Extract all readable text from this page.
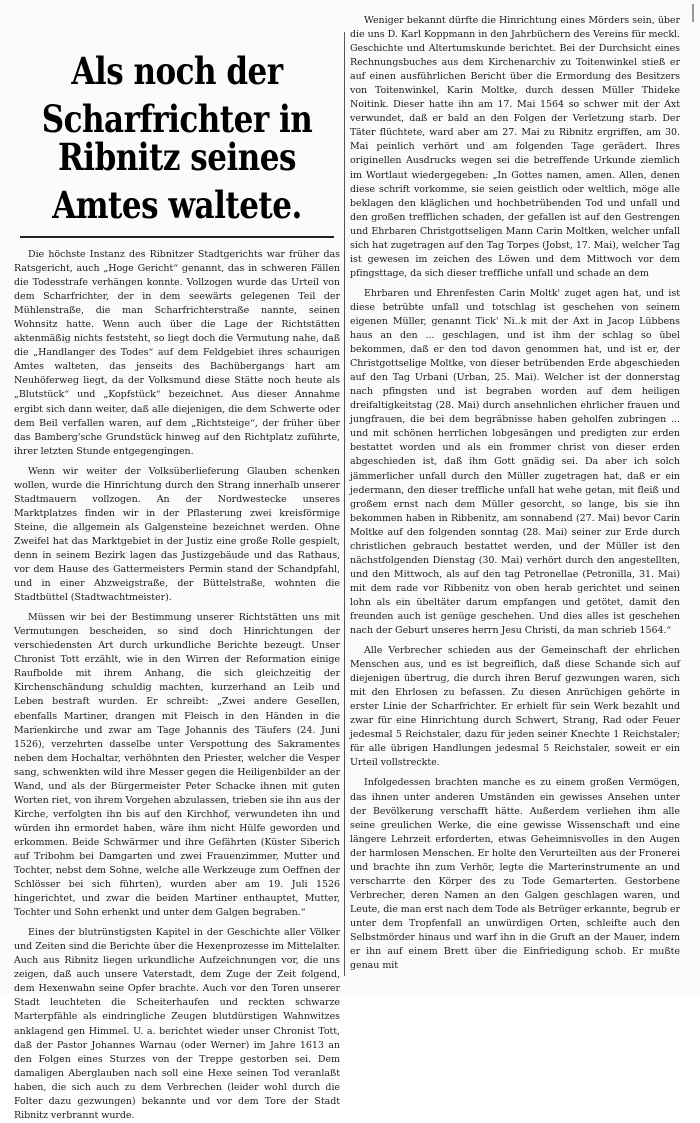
Als noch der Scharfrichter in
Ribnitz seines Amtes waltete.

Die höchste Instanz des Ribnitzer Stadtgerichts war früher das Ratsgericht, auch „Hoge Gericht“ genannt, das in schweren Fällen die Todesstrafe verhängen konnte. Vollzogen wurde das Urteil von dem Scharfrichter, der in dem seewärts gelegenen Teil der Mühlenstraße, die man Scharfrichterstraße nannte, seinen Wohnsitz hatte. Wenn auch über die Lage der Richtstätten aktenmäßig nichts feststeht, so liegt doch die Vermutung nahe, daß die „Handlanger des Todes“ auf dem Feldgebiet ihres schaurigen Amtes walteten, das jenseits des Bachübergangs hart am Neuhöferweg liegt, da der Volksmund diese Stätte noch heute als „Blutstück“ und „Kopfstück“ bezeichnet. Aus dieser Annahme ergibt sich dann weiter, daß alle diejenigen, die dem Schwerte oder dem Beil verfallen waren, auf dem „Richtsteige“, der früher über das Bamberg'sche Grundstück hinweg auf den Richtplatz zuführte, ihrer letzten Stunde entgegengingen.

Wenn wir weiter der Volksüberlieferung Glauben schenken wollen, wurde die Hinrichtung durch den Strang innerhalb unserer Stadtmauern vollzogen. An der Nordwestecke unseres Marktplatzes finden wir in der Pflasterung zwei kreisförmige Steine, die allgemein als Galgensteine bezeichnet werden. Ohne Zweifel hat das Marktgebiet in der Justiz eine große Rolle gespielt, denn in seinem Bezirk lagen das Justizgebäude und das Rathaus, vor dem Hause des Gattermeisters Permin stand der Schandpfahl, und in einer Abzweigstraße, der Büttelstraße, wohnten die Stadtbüttel (Stadtwachtmeister).

Müssen wir bei der Bestimmung unserer Richtstätten uns mit Vermutungen bescheiden, so sind doch Hinrichtungen der verschiedensten Art durch urkundliche Berichte bezeugt. Unser Chronist Tott erzählt, wie in den Wirren der Reformation einige Raufbolde mit ihrem Anhang, die sich gleichzeitig der Kirchenschändung schuldig machten, kurzerhand an Leib und Leben bestraft wurden. Er schreibt: „Zwei andere Gesellen, ebenfalls Martiner, drangen mit Fleisch in den Händen in die Marienkirche und zwar am Tage Johannis des Täufers (24. Juni 1526), verzehrten dasselbe unter Verspottung des Sakramentes neben dem Hochaltar, verhöhnten den Priester, welcher die Vesper sang, schwenkten wild ihre Messer gegen die Heiligenbilder an der Wand, und als der Bürgermeister Peter Schacke ihnen mit guten Worten riet, von ihrem Vorgehen abzulassen, trieben sie ihn aus der Kirche, verfolgten ihn bis auf den Kirchhof, verwundeten ihn und würden ihn ermordet haben, wäre ihm nicht Hülfe geworden und erkommen. Beide Schwärmer und ihre Gefährten (Küster Siberich auf Tribohm bei Damgarten und zwei Frauenzimmer, Mutter und Tochter, nebst dem Sohne, welche alle Werkzeuge zum Oeffnen der Schlösser bei sich führten), wurden aber am 19. Juli 1526 hingerichtet, und zwar die beiden Martiner enthauptet, Mutter, Tochter und Sohn erhenkt und unter dem Galgen begraben.“

Eines der blutrünstigsten Kapitel in der Geschichte aller Völker und Zeiten sind die Berichte über die Hexenprozesse im Mittelalter. Auch aus Ribnitz liegen urkundliche Aufzeichnungen vor, die uns zeigen, daß auch unsere Vaterstadt, dem Zuge der Zeit folgend, dem Hexenwahn seine Opfer brachte. Auch vor den Toren unserer Stadt leuchteten die Scheiterhaufen und reckten schwarze Marterpfähle als eindringliche Zeugen blutdürstigen Wahnwitzes anklagend gen Himmel. U. a. berichtet wieder unser Chronist Tott, daß der Pastor Johannes Warnau (oder Werner) im Jahre 1613 an den Folgen eines Sturzes von der Treppe gestorben sei. Dem damaligen Aberglauben nach soll eine Hexe seinen Tod veranlaßt haben, die sich auch zu dem Verbrechen (leider wohl durch die Folter dazu gezwungen) bekannte und vor dem Tore der Stadt Ribnitz verbrannt wurde.

Weniger bekannt dürfte die Hinrichtung eines Mörders sein, über die uns D. Karl Koppmann in den Jahrbüchern des Vereins für meckl. Geschichte und Altertumskunde berichtet. Bei der Durchsicht eines Rechnungsbuches aus dem Kirchenarchiv zu Toitenwinkel stieß er auf einen ausführlichen Bericht über die Ermordung des Besitzers von Toitenwinkel, Karin Moltke, durch dessen Müller Thideke Noitink. Dieser hatte ihn am 17. Mai 1564 so schwer mit der Axt verwundet, daß er bald an den Folgen der Verletzung starb. Der Täter flüchtete, ward aber am 27. Mai zu Ribnitz ergriffen, am 30. Mai peinlich verhört und am folgenden Tage gerädert. Ihres originellen Ausdrucks wegen sei die betreffende Urkunde ziemlich im Wortlaut wiedergegeben: „In Gottes namen, amen. Allen, denen diese schrift vorkomme, sie seien geistlich oder weltlich, möge alle beklagen den kläglichen und hochbetrübenden Tod und unfall und den großen trefflichen schaden, der gefallen ist auf den Gestrengen und Ehrbaren Christgottseligen Mann Carin Moltken, welcher unfall sich hat zugetragen auf den Tag Torpes (Jobst, 17. Mai), welcher Tag ist gewesen im zeichen des Löwen und dem Mittwoch vor dem pfingsttage, da sich dieser treffliche unfall und schade an dem

Ehrbaren und Ehrenfesten Carin Moltk' zuget agen hat, und ist diese betrübte unfall und totschlag ist geschehen von seinem eigenen Müller, genannt Tick' Ni..k mit der Axt in Jacop Lübbens haus an den ... geschlagen, und ist ihm der schlag so übel bekommen, daß er den tod davon genommen hat, und ist er, der Christgottselige Moltke, von dieser betrübenden Erde abgeschieden auf den Tag Urbani (Urban, 25. Mai). Welcher ist der donnerstag nach pfingsten und ist begraben worden auf dem heiligen dreifaltigkeitstag (28. Mai) durch ansehnlichen ehrlicher frauen und jungfrauen, die bei dem begräbnisse haben geholfen zubringen ... und mit schönen herrlichen lobgesängen und predigten zur erden bestattet worden und als ein frommer christ von dieser erden abgeschieden ist, daß ihm Gott gnädig sei. Da aber ich solch jämmerlicher unfall durch den Müller zugetragen hat, daß er ein jedermann, den dieser treffliche unfall hat wehe getan, mit fleiß und großem ernst nach dem Müller gesorcht, so lange, bis sie ihn bekommen haben in Ribbenitz, am sonnabend (27. Mai) bevor Carin Moltke auf den folgenden sonntag (28. Mai) seiner zur Erde durch christlichen gebrauch bestattet werden, und der Müller ist den nächstfolgenden Dienstag (30. Mai) verhört durch den angestellten, und den Mittwoch, als auf den tag Petronellae (Petronilla, 31. Mai) mit dem rade vor Ribbenitz von oben herab gerichtet und seinen lohn als ein übeltäter darum empfangen und getötet, damit den freunden auch ist genüge geschehen. Und dies alles ist geschehen nach der Geburt unseres herrn Jesu Christi, da man schrieb 1564.“

Alle Verbrecher schieden aus der Gemeinschaft der ehrlichen Menschen aus, und es ist begreiflich, daß diese Schande sich auf diejenigen übertrug, die durch ihren Beruf gezwungen waren, sich mit den Ehrlosen zu befassen. Zu diesen Anrüchigen gehörte in erster Linie der Scharfrichter. Er erhielt für sein Werk bezahlt und zwar für eine Hinrichtung durch Schwert, Strang, Rad oder Feuer jedesmal 5 Reichstaler, dazu für jeden seiner Knechte 1 Reichstaler; für alle übrigen Handlungen jedesmal 5 Reichstaler, soweit er ein Urteil vollstreckte.

Infolgedessen brachten manche es zu einem großen Vermögen, das ihnen unter anderen Umständen ein gewisses Ansehen unter der Bevölkerung verschafft hätte. Außerdem verliehen ihm alle seine greulichen Werke, die eine gewisse Wissenschaft und eine längere Lehrzeit erforderten, etwas Geheimnisvolles in den Augen der harmlosen Menschen. Er holte den Verurteilten aus der Fronerei und brachte ihn zum Verhör, legte die Marterinstrumente an und verscharrte den Körper des zu Tode Gemarterten. Gestorbene Verbrecher, deren Namen an den Galgen geschlagen waren, und Leute, die man erst nach dem Tode als Betrüger erkannte, begrub er unter dem Tropfenfall an unwürdigen Orten, schleifte auch den Selbstmörder hinaus und warf ihn in die Gruft an der Mauer, indem er ihn auf einem Brett über die Einfriedigung schob. Er mußte genau mit
